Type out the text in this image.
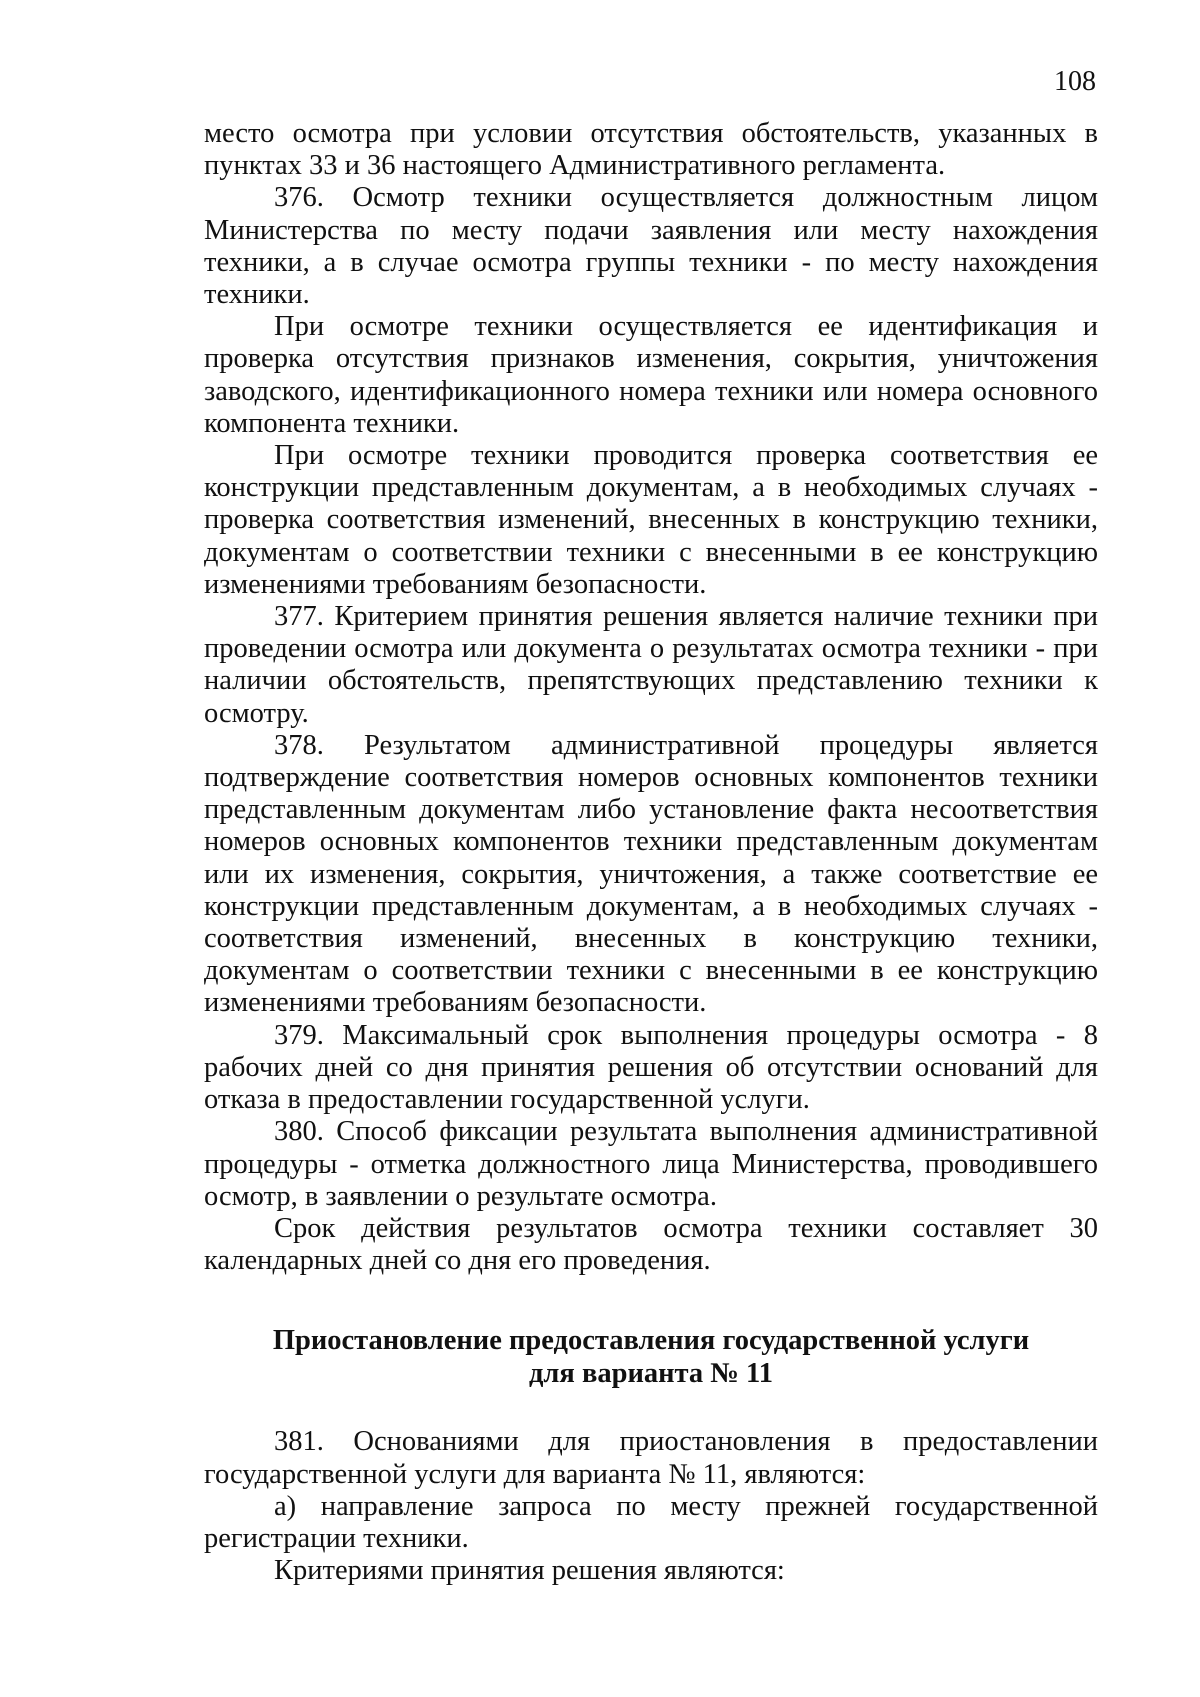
108

место осмотра при условии отсутствия обстоятельств, указанных в пунктах 33 и 36 настоящего Административного регламента.

376. Осмотр техники осуществляется должностным лицом Министерства по месту подачи заявления или месту нахождения техники, а в случае осмотра группы техники - по месту нахождения техники.

При осмотре техники осуществляется ее идентификация и проверка отсутствия признаков изменения, сокрытия, уничтожения заводского, идентификационного номера техники или номера основного компонента техники.

При осмотре техники проводится проверка соответствия ее конструкции представленным документам, а в необходимых случаях - проверка соответствия изменений, внесенных в конструкцию техники, документам о соответствии техники с внесенными в ее конструкцию изменениями требованиям безопасности.

377. Критерием принятия решения является наличие техники при проведении осмотра или документа о результатах осмотра техники - при наличии обстоятельств, препятствующих представлению техники к осмотру.

378. Результатом административной процедуры является подтверждение соответствия номеров основных компонентов техники представленным документам либо установление факта несоответствия номеров основных компонентов техники представленным документам или их изменения, сокрытия, уничтожения, а также соответствие ее конструкции представленным документам, а в необходимых случаях - соответствия изменений, внесенных в конструкцию техники, документам о соответствии техники с внесенными в ее конструкцию изменениями требованиям безопасности.

379. Максимальный срок выполнения процедуры осмотра - 8 рабочих дней со дня принятия решения об отсутствии оснований для отказа в предоставлении государственной услуги.

380. Способ фиксации результата выполнения административной процедуры - отметка должностного лица Министерства, проводившего осмотр, в заявлении о результате осмотра.

Срок действия результатов осмотра техники составляет 30 календарных дней со дня его проведения.

Приостановление предоставления государственной услуги
для варианта № 11

381. Основаниями для приостановления в предоставлении государственной услуги для варианта № 11, являются:

а) направление запроса по месту прежней государственной регистрации техники.

Критериями принятия решения являются:
